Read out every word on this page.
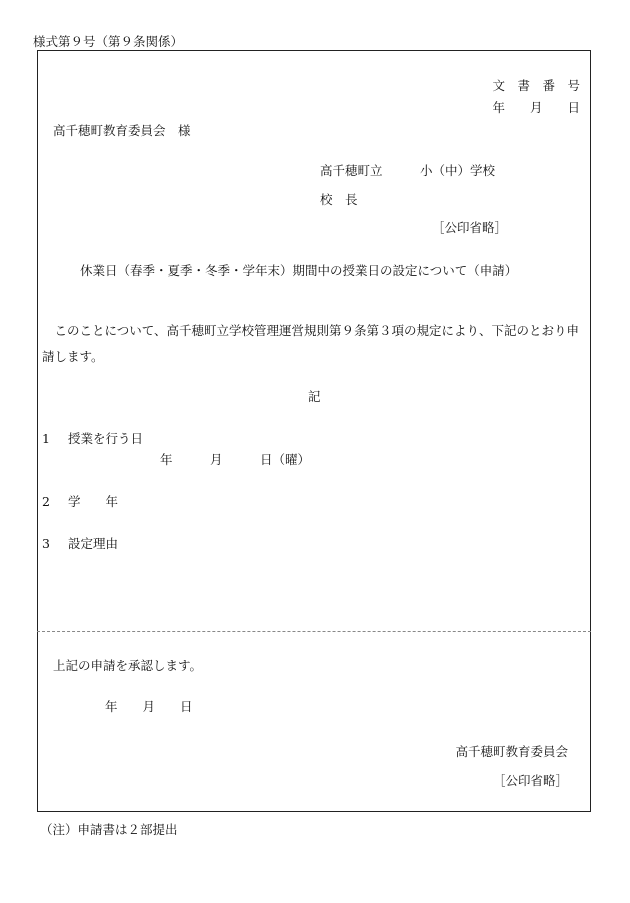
様式第９号（第９条関係）
文　書　番　号
年　　月　　日
高千穂町教育委員会　様
高千穂町立　　　小（中）学校
校　長
［公印省略］
休業日（春季・夏季・冬季・学年末）期間中の授業日の設定について（申請）
　このことについて、高千穂町立学校管理運営規則第９条第３項の規定により、下記のとおり申請します。
記
1 授業を行う日
年　　　月　　　日（曜）
2 学　　年
3 設定理由
上記の申請を承認します。
年　　月　　日
高千穂町教育委員会
［公印省略］
（注）申請書は２部提出
